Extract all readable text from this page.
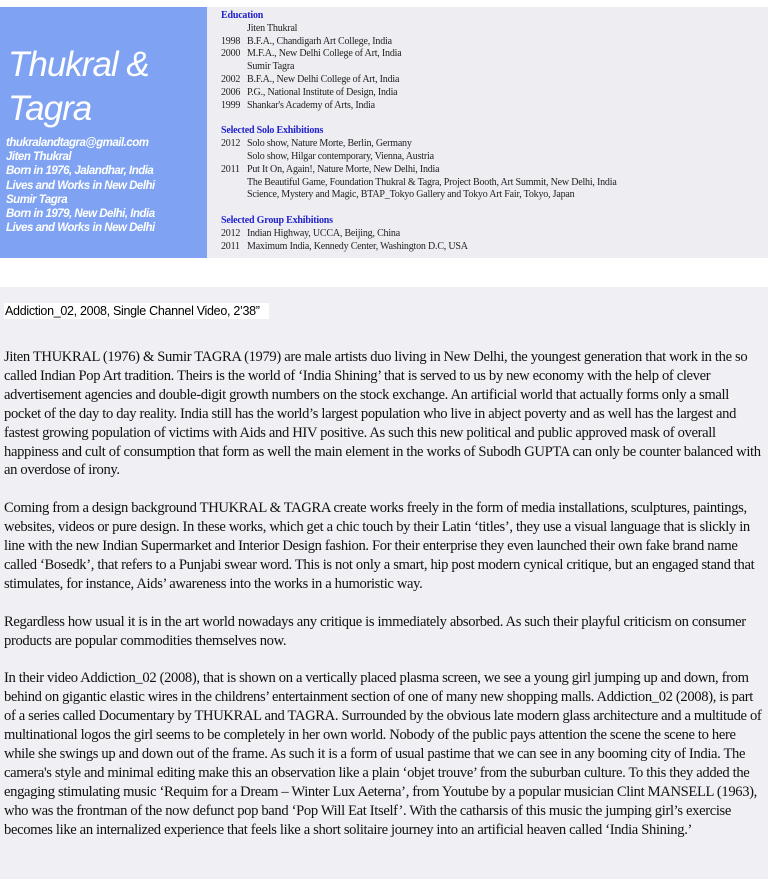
Thukral & Tagra
thukralandtagra@gmail.com
Jiten Thukral
Born in 1976, Jalandhar, India
Lives and Works in New Delhi
Sumir Tagra
Born in 1979, New Delhi, India
Lives and Works in New Delhi
Education
Jiten Thukral
1998 B.F.A., Chandigarh Art College, India
2000 M.F.A., New Delhi College of Art, India
Sumir Tagra
2002 B.F.A., New Delhi College of Art, India
2006 P.G., National Institute of Design, India
1999 Shankar's Academy of Arts, India
Selected Solo Exhibitions
2012 Solo show, Nature Morte, Berlin, Germany
Solo show, Hilgar contemporary, Vienna, Austria
2011 Put It On, Again!, Nature Morte, New Delhi, India
The Beautiful Game, Foundation Thukral & Tagra, Project Booth, Art Summit, New Delhi, India
Science, Mystery and Magic, BTAP_Tokyo Gallery and Tokyo Art Fair, Tokyo, Japan
Selected Group Exhibitions
2012 Indian Highway, UCCA, Beijing, China
2011 Maximum India, Kennedy Center, Washington D.C, USA
Addiction_02, 2008, Single Channel Video, 2’38”

Jiten THUKRAL (1976) & Sumir TAGRA (1979) are male artists duo living in New Delhi, the youngest generation that work in the so called Indian Pop Art tradition. Theirs is the world of ‘India Shining’ that is served to us by new economy with the help of clever advertisement agencies and double-digit growth numbers on the stock exchange. An artificial world that actually forms only a small pocket of the day to day reality. India still has the world’s largest population who live in abject poverty and as well has the largest and fastest growing population of victims with Aids and HIV positive. As such this new political and public approved mask of overall happiness and cult of consumption that form as well the main element in the works of Subodh GUPTA can only be counter balanced with an overdose of irony.

Coming from a design background THUKRAL & TAGRA create works freely in the form of media installations, sculptures, paintings, websites, videos or pure design. In these works, which get a chic touch by their Latin ‘titles’, they use a visual language that is slickly in line with the new Indian Supermarket and Interior Design fashion. For their enterprise they even launched their own fake brand name called ‘Bosedk’, that refers to a Punjabi swear word. This is not only a smart, hip post modern cynical critique, but an engaged stand that stimulates, for instance, Aids’ awareness into the works in a humoristic way.

Regardless how usual it is in the art world nowadays any critique is immediately absorbed. As such their playful criticism on consumer products are popular commodities themselves now.

In their video Addiction_02 (2008), that is shown on a vertically placed plasma screen, we see a young girl jumping up and down, from behind on gigantic elastic wires in the childrens’ entertainment section of one of many new shopping malls. Addiction_02 (2008), is part of a series called Documentary by THUKRAL and TAGRA. Surrounded by the obvious late modern glass architecture and a multitude of multinational logos the girl seems to be completely in her own world. Nobody of the public pays attention the scene the scene to here while she swings up and down out of the frame. As such it is a form of usual pastime that we can see in any booming city of India. The camera's style and minimal editing make this an observation like a plain ‘objet trouve’ from the suburban culture. To this they added the engaging stimulating music ‘Requim for a Dream – Winter Lux Aeterna’, from Youtube by a popular musician Clint MANSELL (1963), who was the frontman of the now defunct pop band ‘Pop Will Eat Itself’. With the catharsis of this music the jumping girl’s exercise becomes like an internalized experience that feels like a short solitaire journey into an artificial heaven called ‘India Shining.’
